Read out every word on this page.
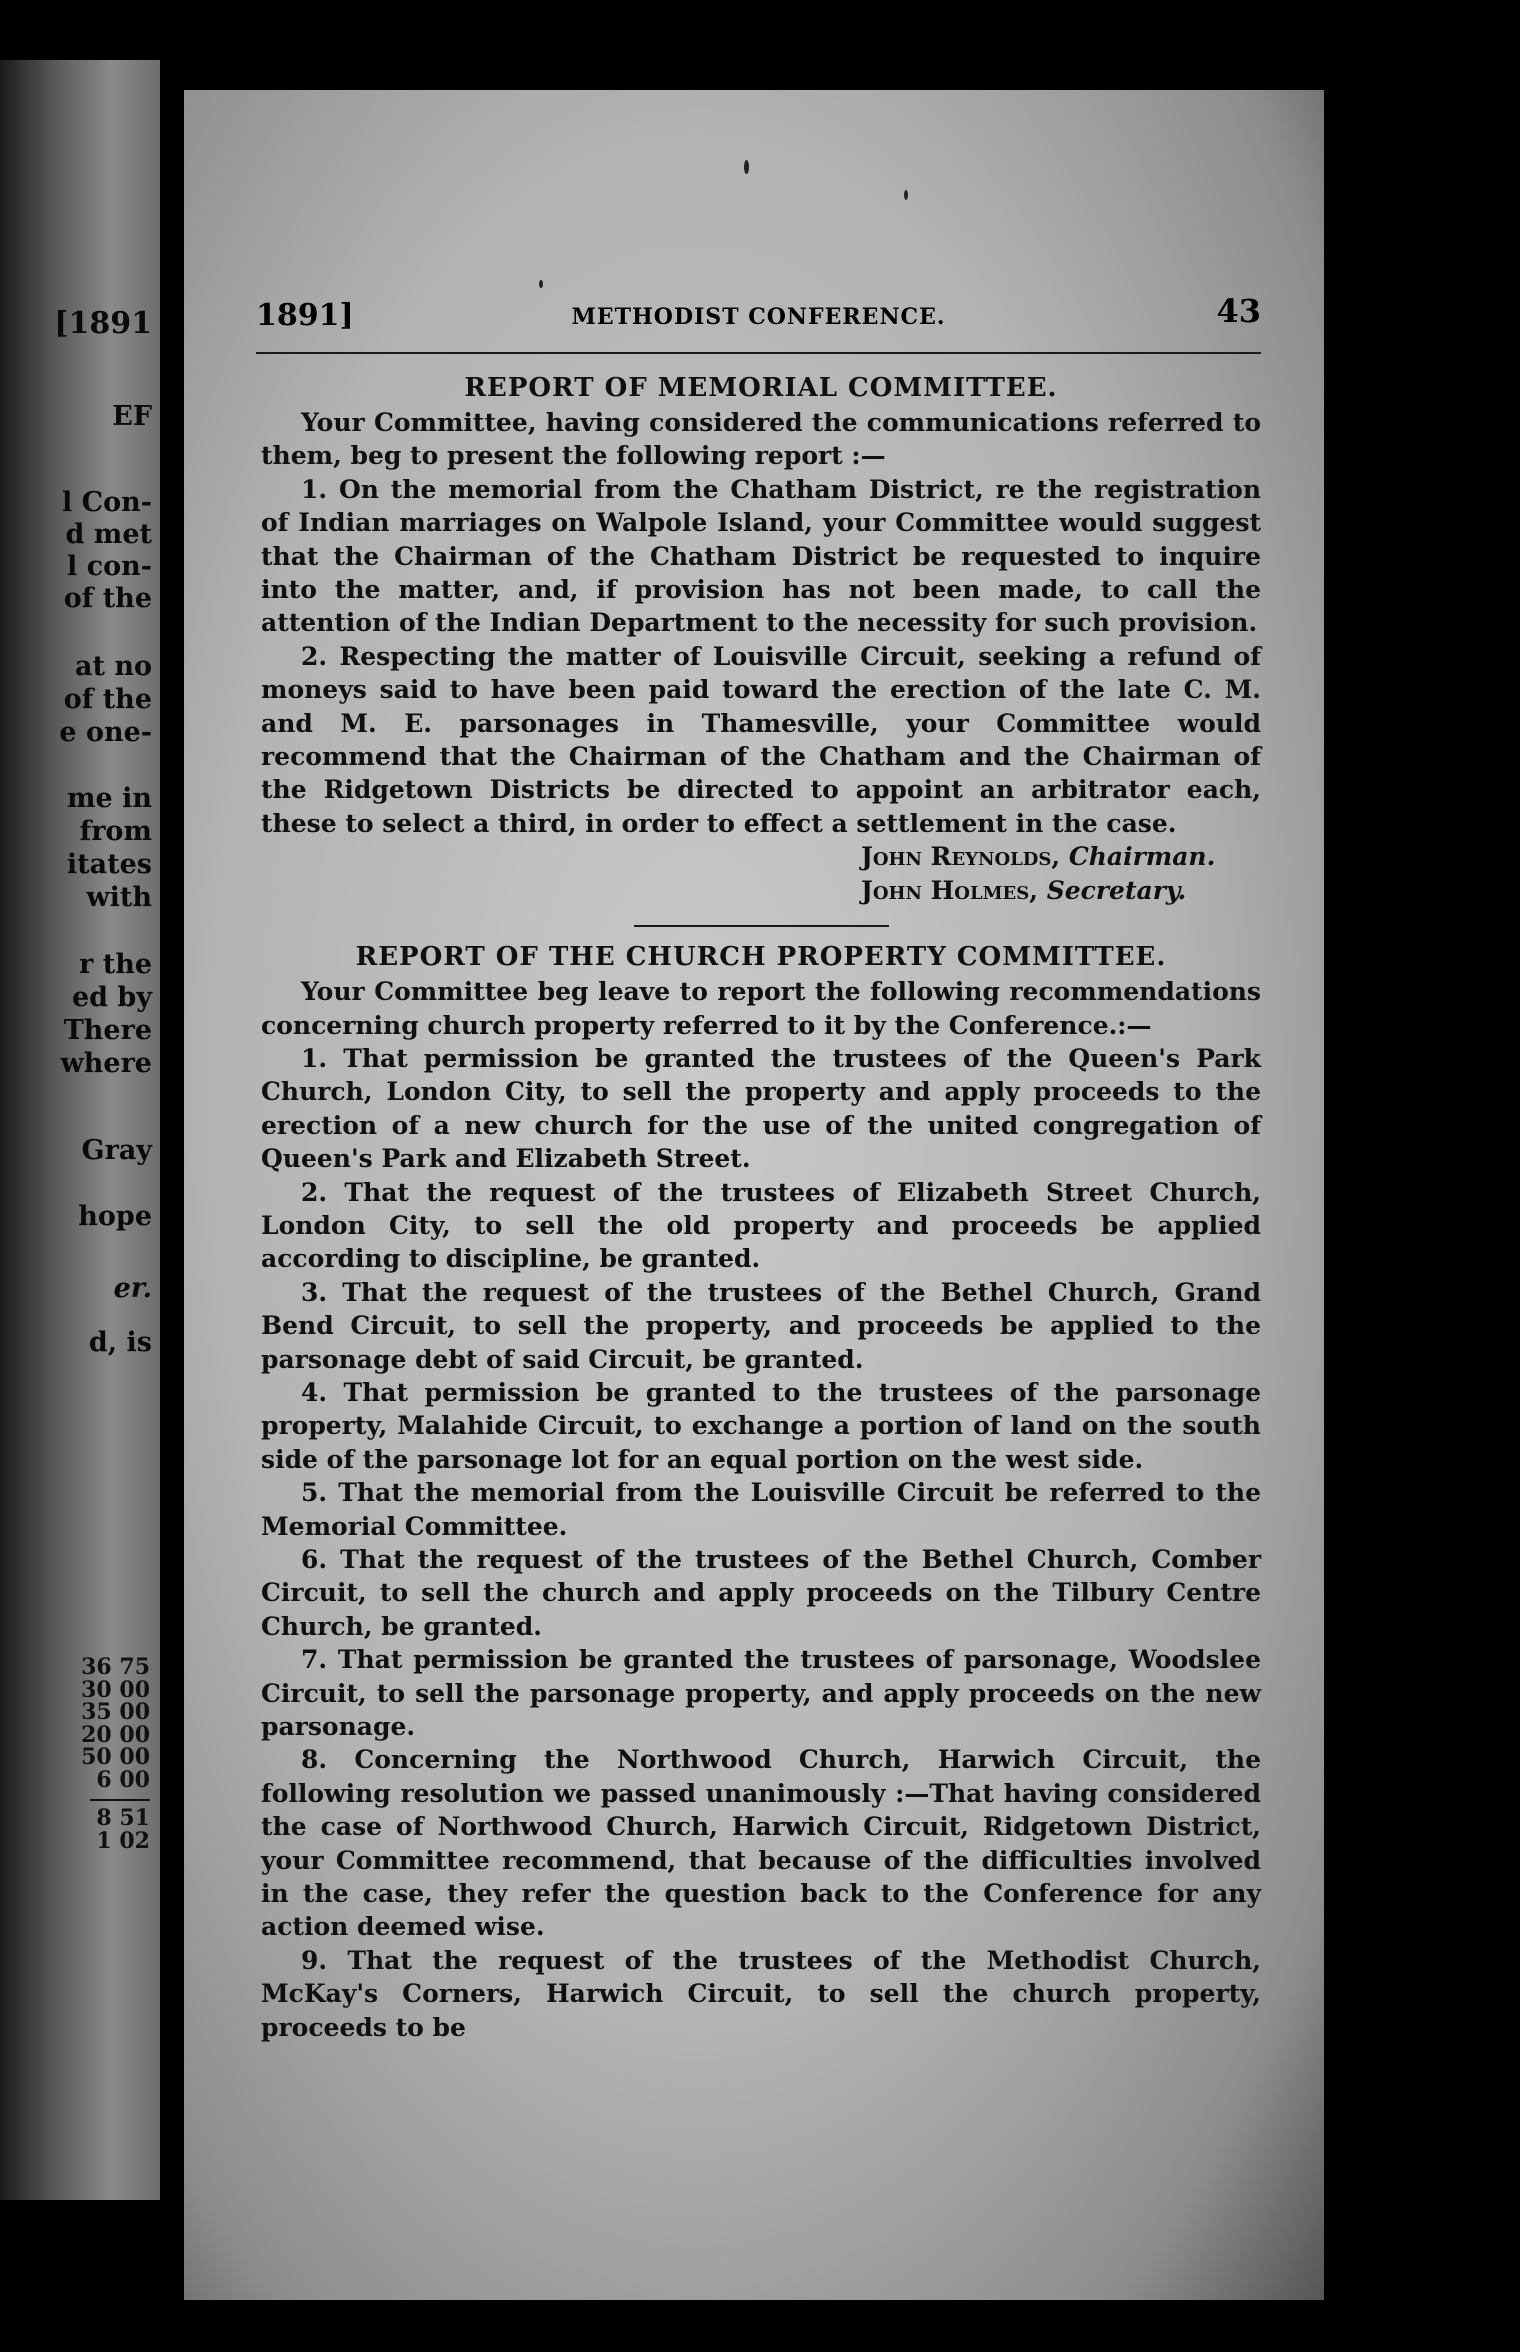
[1891

EF

l Con-

d met

l con-

of the

at no

of the

e one-

me in

from

itates

with

r the

ed by

There

where

Gray

hope

er.

d, is

36 75
30 00
35 00
20 00
50 00
6 00
8 51
1 02
1891]	METHODIST CONFERENCE.	43
REPORT OF MEMORIAL COMMITTEE.

Your Committee, having considered the communications referred to them, beg to present the following report :—

1. On the memorial from the Chatham District, re the registration of Indian marriages on Walpole Island, your Committee would suggest that the Chairman of the Chatham District be requested to inquire into the matter, and, if provision has not been made, to call the attention of the Indian Department to the necessity for such provision.

2. Respecting the matter of Louisville Circuit, seeking a refund of moneys said to have been paid toward the erection of the late C. M. and M. E. parsonages in Thamesville, your Committee would recommend that the Chairman of the Chatham and the Chairman of the Ridgetown Districts be directed to appoint an arbitrator each, these to select a third, in order to effect a settlement in the case.

John Reynolds, Chairman.

John Holmes, Secretary.

REPORT OF THE CHURCH PROPERTY COMMITTEE.

Your Committee beg leave to report the following recommendations concerning church property referred to it by the Conference.:—

1. That permission be granted the trustees of the Queen's Park Church, London City, to sell the property and apply proceeds to the erection of a new church for the use of the united congregation of Queen's Park and Elizabeth Street.

2. That the request of the trustees of Elizabeth Street Church, London City, to sell the old property and proceeds be applied according to discipline, be granted.

3. That the request of the trustees of the Bethel Church, Grand Bend Circuit, to sell the property, and proceeds be applied to the parsonage debt of said Circuit, be granted.

4. That permission be granted to the trustees of the parsonage property, Malahide Circuit, to exchange a portion of land on the south side of the parsonage lot for an equal portion on the west side.

5. That the memorial from the Louisville Circuit be referred to the Memorial Committee.

6. That the request of the trustees of the Bethel Church, Comber Circuit, to sell the church and apply proceeds on the Tilbury Centre Church, be granted.

7. That permission be granted the trustees of parsonage, Woodslee Circuit, to sell the parsonage property, and apply proceeds on the new parsonage.

8. Concerning the Northwood Church, Harwich Circuit, the following resolution we passed unanimously :—That having considered the case of Northwood Church, Harwich Circuit, Ridgetown District, your Committee recommend, that because of the difficulties involved in the case, they refer the question back to the Conference for any action deemed wise.

9. That the request of the trustees of the Methodist Church, McKay's Corners, Harwich Circuit, to sell the church property, proceeds to be
